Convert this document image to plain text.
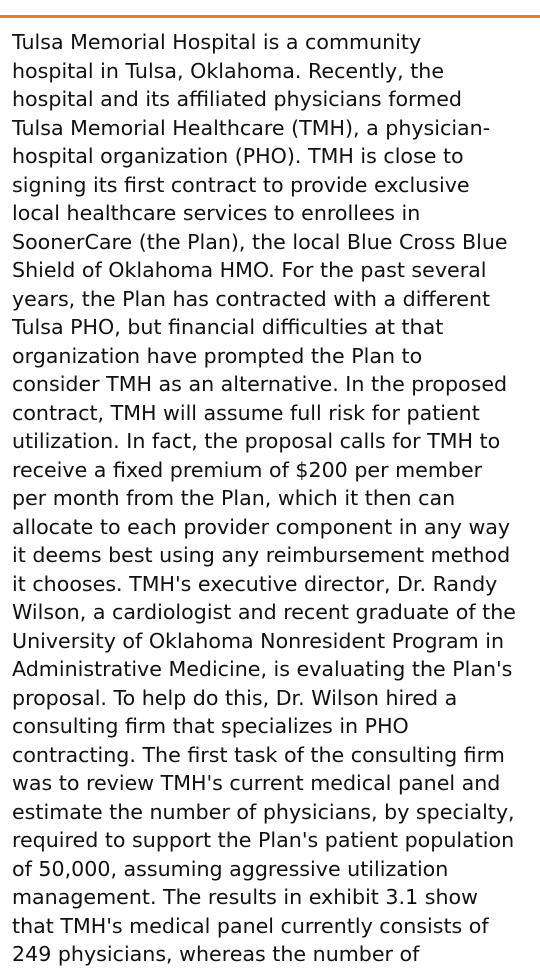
Tulsa Memorial Hospital is a community
hospital in Tulsa, Oklahoma. Recently, the
hospital and its affiliated physicians formed
Tulsa Memorial Healthcare (TMH), a physician-
hospital organization (PHO). TMH is close to
signing its first contract to provide exclusive
local healthcare services to enrollees in
SoonerCare (the Plan), the local Blue Cross Blue
Shield of Oklahoma HMO. For the past several
years, the Plan has contracted with a different
Tulsa PHO, but financial difficulties at that
organization have prompted the Plan to
consider TMH as an alternative. In the proposed
contract, TMH will assume full risk for patient
utilization. In fact, the proposal calls for TMH to
receive a fixed premium of $200 per member
per month from the Plan, which it then can
allocate to each provider component in any way
it deems best using any reimbursement method
it chooses. TMH's executive director, Dr. Randy
Wilson, a cardiologist and recent graduate of the
University of Oklahoma Nonresident Program in
Administrative Medicine, is evaluating the Plan's
proposal. To help do this, Dr. Wilson hired a
consulting firm that specializes in PHO
contracting. The first task of the consulting firm
was to review TMH's current medical panel and
estimate the number of physicians, by specialty,
required to support the Plan's patient population
of 50,000, assuming aggressive utilization
management. The results in exhibit 3.1 show
that TMH's medical panel currently consists of
249 physicians, whereas the number of
